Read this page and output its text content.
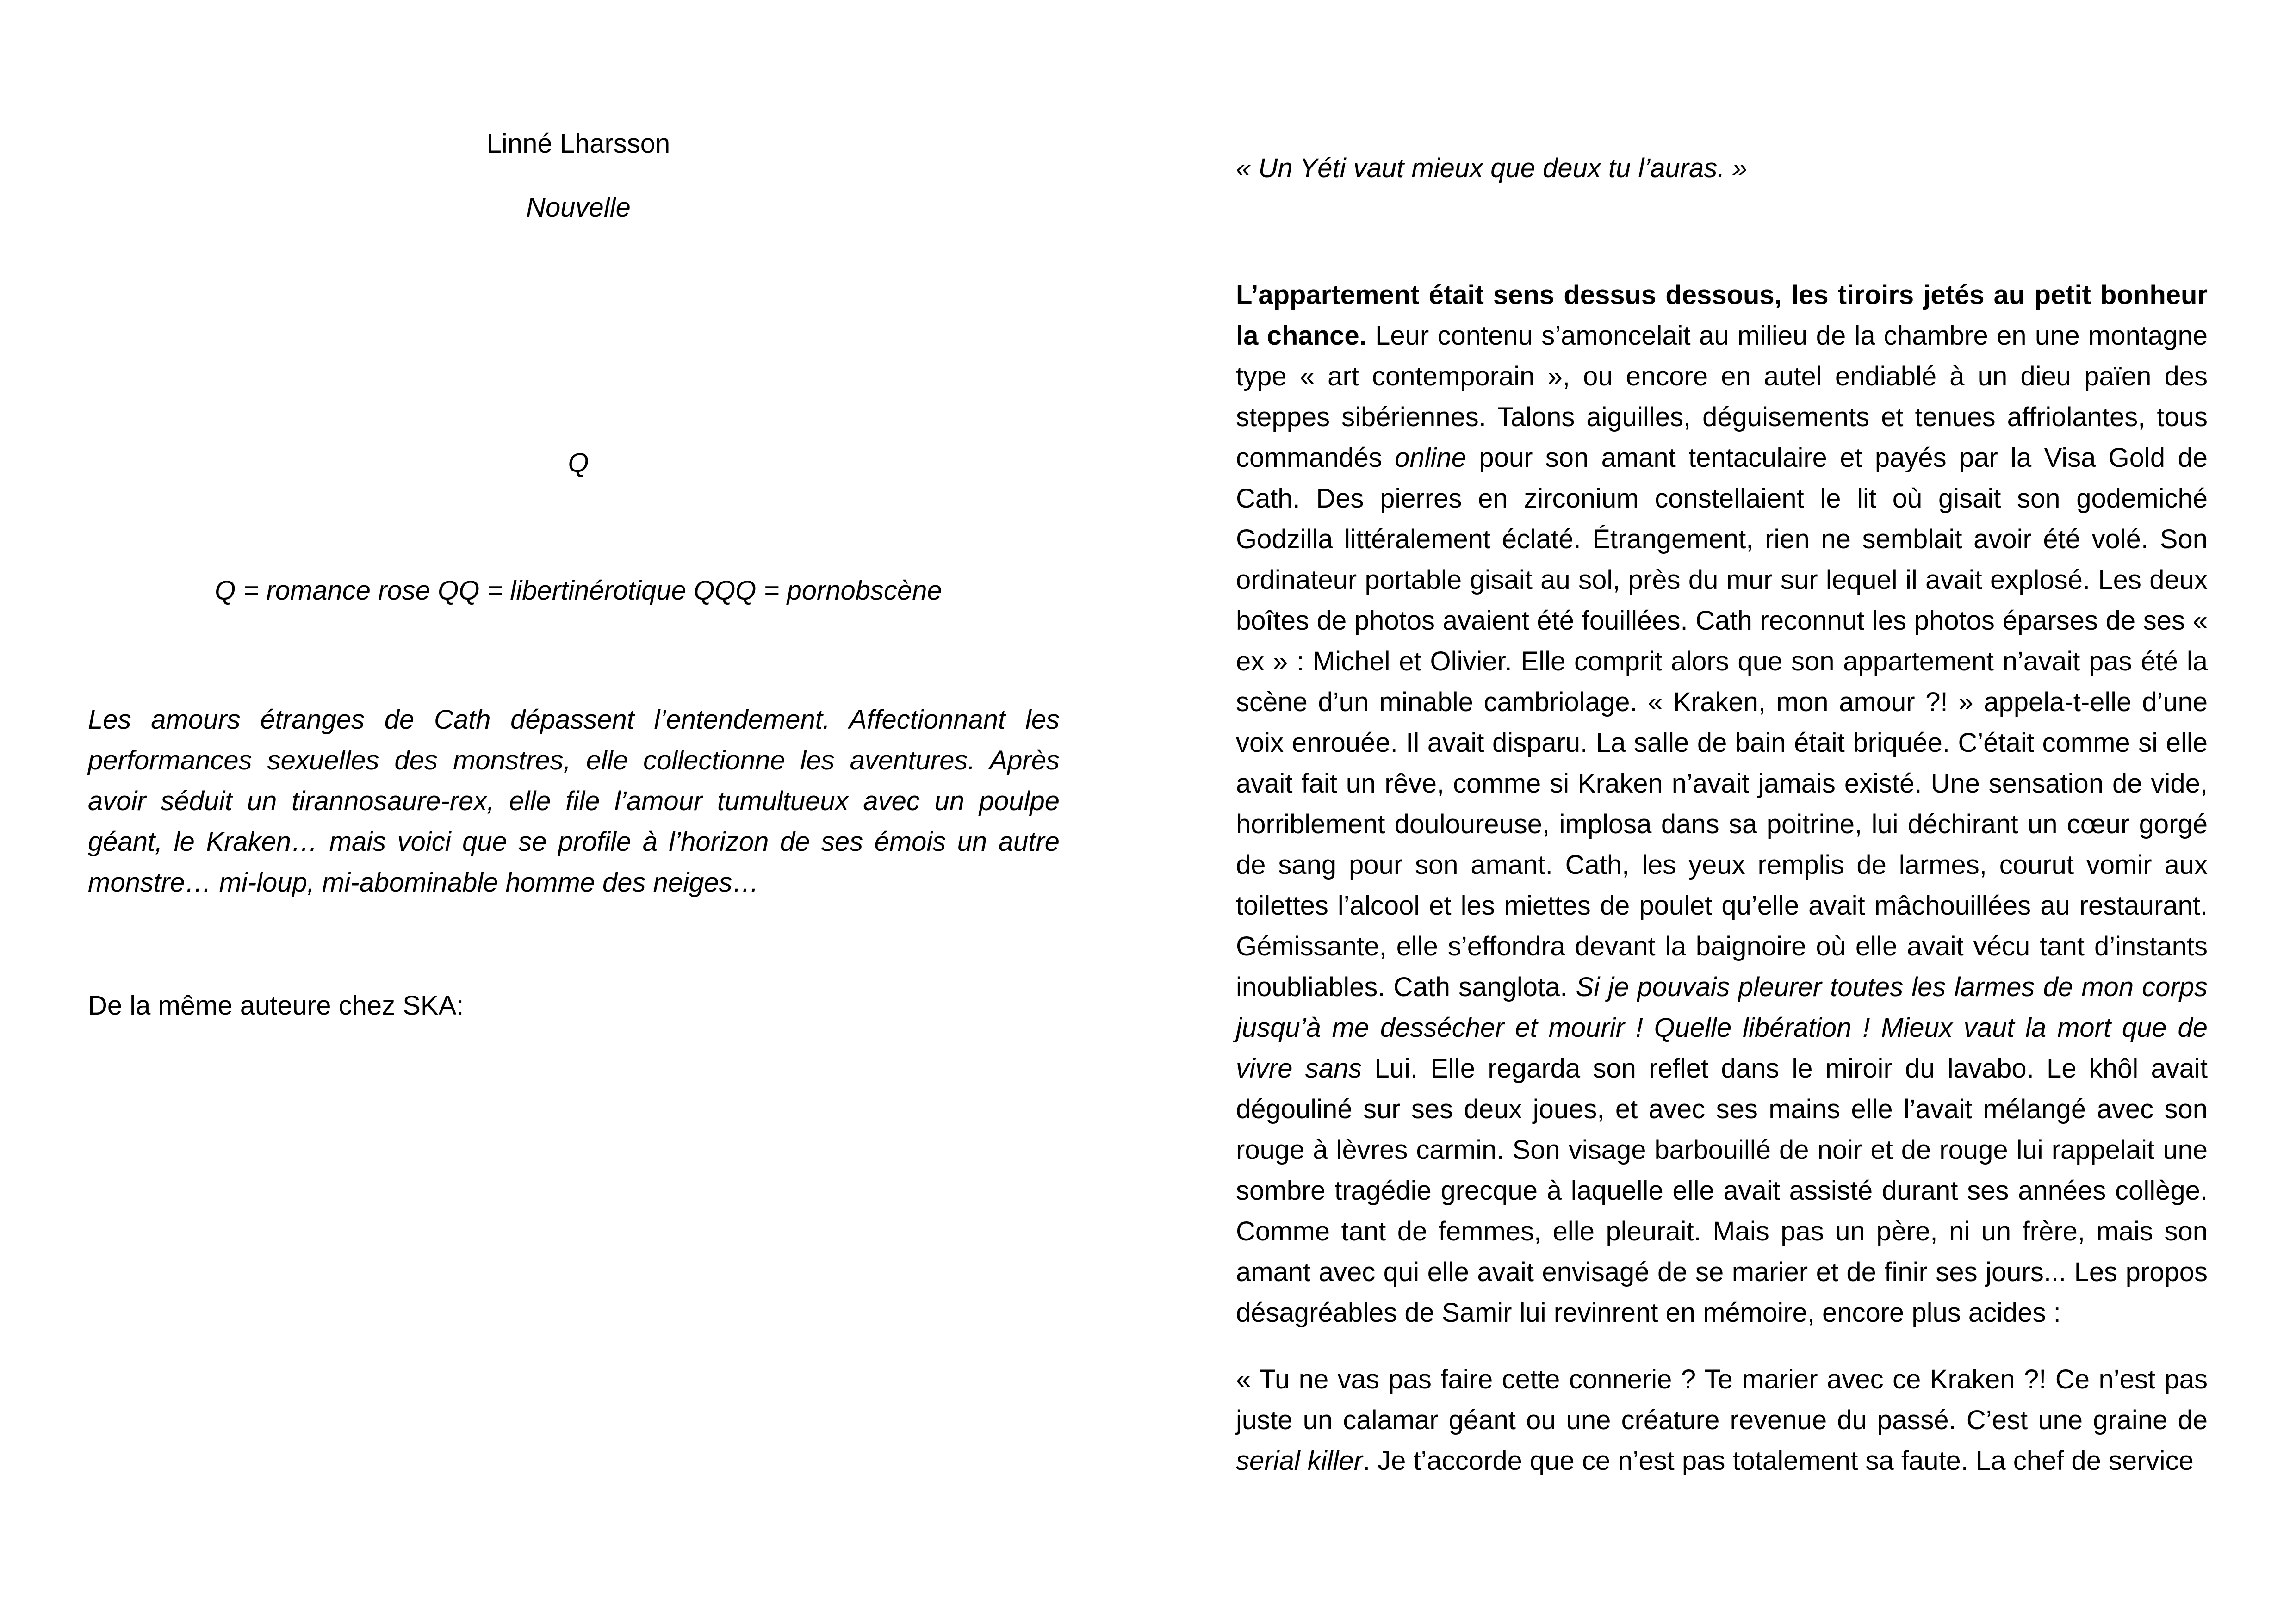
Linné Lharsson

Nouvelle

Q

Q = romance rose QQ = libertinérotique QQQ = pornobscène

Les amours étranges de Cath dépassent l’entendement. Affectionnant les performances sexuelles des monstres, elle collectionne les aventures. Après avoir séduit un tirannosaure-rex, elle file l’amour tumultueux avec un poulpe géant, le Kraken… mais voici que se profile à l’horizon de ses émois un autre monstre… mi-loup, mi-abominable homme des neiges…

De la même auteure chez SKA:

« Un Yéti vaut mieux que deux tu l’auras. »

L’appartement était sens dessus dessous, les tiroirs jetés au petit bonheur la chance. Leur contenu s’amoncelait au milieu de la chambre en une montagne type « art contemporain », ou encore en autel endiablé à un dieu païen des steppes sibériennes. Talons aiguilles, déguisements et tenues affriolantes, tous commandés online pour son amant tentaculaire et payés par la Visa Gold de Cath. Des pierres en zirconium constellaient le lit où gisait son godemiché Godzilla littéralement éclaté. Étrangement, rien ne semblait avoir été volé. Son ordinateur portable gisait au sol, près du mur sur lequel il avait explosé. Les deux boîtes de photos avaient été fouillées. Cath reconnut les photos éparses de ses « ex » : Michel et Olivier. Elle comprit alors que son appartement n’avait pas été la scène d’un minable cambriolage. « Kraken, mon amour ?! » appela-t-elle d’une voix enrouée. Il avait disparu. La salle de bain était briquée. C’était comme si elle avait fait un rêve, comme si Kraken n’avait jamais existé. Une sensation de vide, horriblement douloureuse, implosa dans sa poitrine, lui déchirant un cœur gorgé de sang pour son amant. Cath, les yeux remplis de larmes, courut vomir aux toilettes l’alcool et les miettes de poulet qu’elle avait mâchouillées au restaurant. Gémissante, elle s’effondra devant la baignoire où elle avait vécu tant d’instants inoubliables. Cath sanglota. Si je pouvais pleurer toutes les larmes de mon corps jusqu’à me dessécher et mourir ! Quelle libération ! Mieux vaut la mort que de vivre sans Lui. Elle regarda son reflet dans le miroir du lavabo. Le khôl avait dégouliné sur ses deux joues, et avec ses mains elle l’avait mélangé avec son rouge à lèvres carmin. Son visage barbouillé de noir et de rouge lui rappelait une sombre tragédie grecque à laquelle elle avait assisté durant ses années collège. Comme tant de femmes, elle pleurait. Mais pas un père, ni un frère, mais son amant avec qui elle avait envisagé de se marier et de finir ses jours... Les propos désagréables de Samir lui revinrent en mémoire, encore plus acides :

« Tu ne vas pas faire cette connerie ? Te marier avec ce Kraken ?! Ce n’est pas juste un calamar géant ou une créature revenue du passé. C’est une graine de serial killer. Je t’accorde que ce n’est pas totalement sa faute. La chef de service
